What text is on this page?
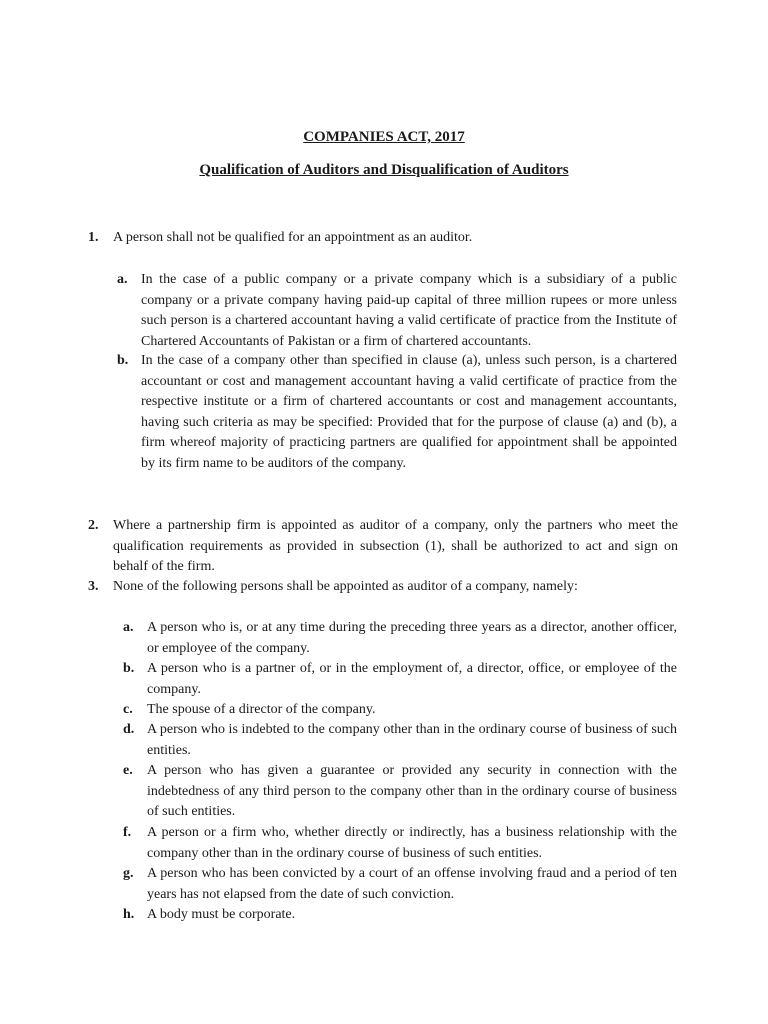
COMPANIES ACT, 2017
Qualification of Auditors and Disqualification of Auditors
1.	A person shall not be qualified for an appointment as an auditor.
a. In the case of a public company or a private company which is a subsidiary of a public company or a private company having paid-up capital of three million rupees or more unless such person is a chartered accountant having a valid certificate of practice from the Institute of Chartered Accountants of Pakistan or a firm of chartered accountants.
b. In the case of a company other than specified in clause (a), unless such person, is a chartered accountant or cost and management accountant having a valid certificate of practice from the respective institute or a firm of chartered accountants or cost and management accountants, having such criteria as may be specified: Provided that for the purpose of clause (a) and (b), a firm whereof majority of practicing partners are qualified for appointment shall be appointed by its firm name to be auditors of the company.
2.	Where a partnership firm is appointed as auditor of a company, only the partners who meet the qualification requirements as provided in subsection (1), shall be authorized to act and sign on behalf of the firm.
3.	None of the following persons shall be appointed as auditor of a company, namely:
a. A person who is, or at any time during the preceding three years as a director, another officer, or employee of the company.
b. A person who is a partner of, or in the employment of, a director, office, or employee of the company.
c.	The spouse of a director of the company.
d. A person who is indebted to the company other than in the ordinary course of business of such entities.
e.	A person who has given a guarantee or provided any security in connection with the indebtedness of any third person to the company other than in the ordinary course of business of such entities.
f.	A person or a firm who, whether directly or indirectly, has a business relationship with the company other than in the ordinary course of business of such entities.
g. A person who has been convicted by a court of an offense involving fraud and a period of ten years has not elapsed from the date of such conviction.
h. A body must be corporate.
